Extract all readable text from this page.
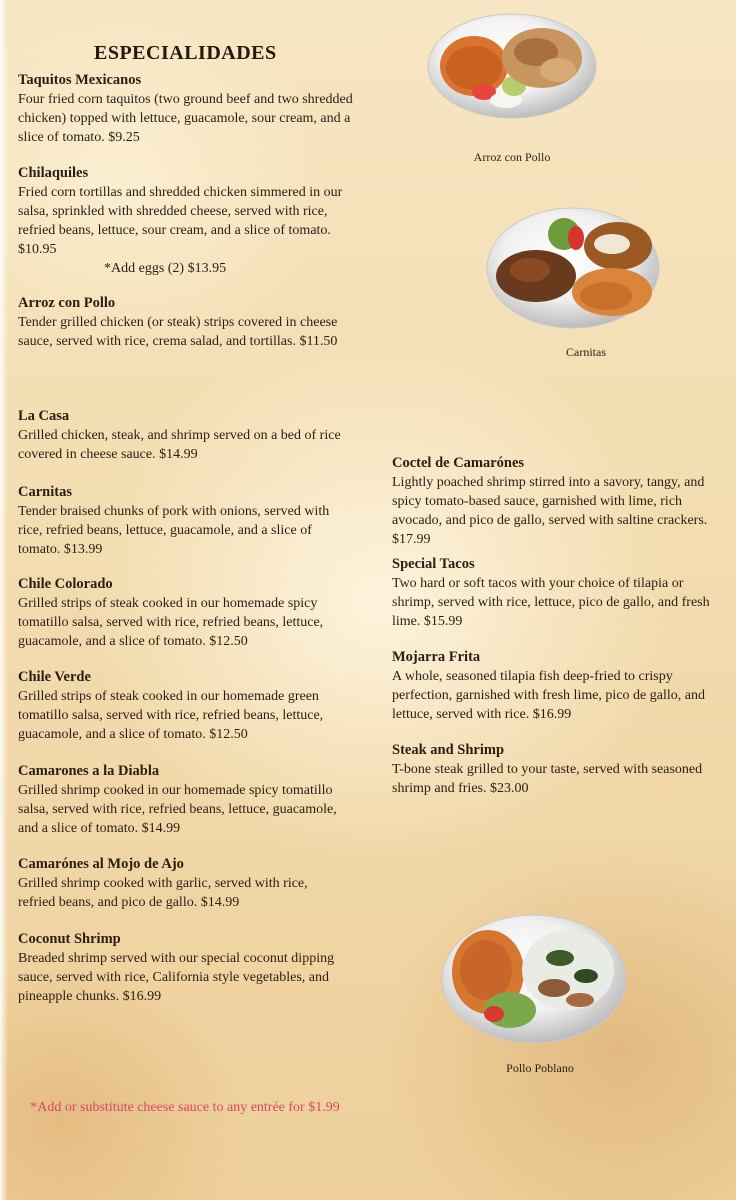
ESPECIALIDADES
Taquitos Mexicanos
Four fried corn taquitos (two ground beef and two shredded chicken) topped with lettuce, guacamole, sour cream, and a slice of tomato. $9.25
Chilaquiles
Fried corn tortillas and shredded chicken simmered in our salsa, sprinkled with shredded cheese, served with rice, refried beans, lettuce, sour cream, and a slice of tomato. $10.95
*Add eggs (2) $13.95
Arroz con Pollo
Tender grilled chicken (or steak) strips covered in cheese sauce, served with rice, crema salad, and tortillas. $11.50
La Casa
Grilled chicken, steak, and shrimp served on a bed of rice covered in cheese sauce. $14.99
Carnitas
Tender braised chunks of pork with onions, served with rice, refried beans, lettuce, guacamole, and a slice of tomato. $13.99
Chile Colorado
Grilled strips of steak cooked in our homemade spicy tomatillo salsa, served with rice, refried beans, lettuce, guacamole, and a slice of tomato. $12.50
Chile Verde
Grilled strips of steak cooked in our homemade green tomatillo salsa, served with rice, refried beans, lettuce, guacamole, and a slice of tomato. $12.50
Camarones a la Diabla
Grilled shrimp cooked in our homemade spicy tomatillo salsa, served with rice, refried beans, lettuce, guacamole, and a slice of tomato. $14.99
Camarónes al Mojo de Ajo
Grilled shrimp cooked with garlic, served with rice, refried beans, and pico de gallo. $14.99
Coconut Shrimp
Breaded shrimp served with our special coconut dipping sauce, served with rice, California style vegetables, and pineapple chunks. $16.99
Coctel de Camarónes
Lightly poached shrimp stirred into a savory, tangy, and spicy tomato-based sauce, garnished with lime, rich avocado, and pico de gallo, served with saltine crackers. $17.99
Special Tacos
Two hard or soft tacos with your choice of tilapia or shrimp, served with rice, lettuce, pico de gallo, and fresh lime. $15.99
Mojarra Frita
A whole, seasoned tilapia fish deep-fried to crispy perfection, garnished with fresh lime, pico de gallo, and lettuce, served with rice. $16.99
Steak and Shrimp
T-bone steak grilled to your taste, served with seasoned shrimp and fries. $23.00
Arroz con Pollo
Carnitas
Pollo Poblano
*Add or substitute cheese sauce to any entrée for $1.99
